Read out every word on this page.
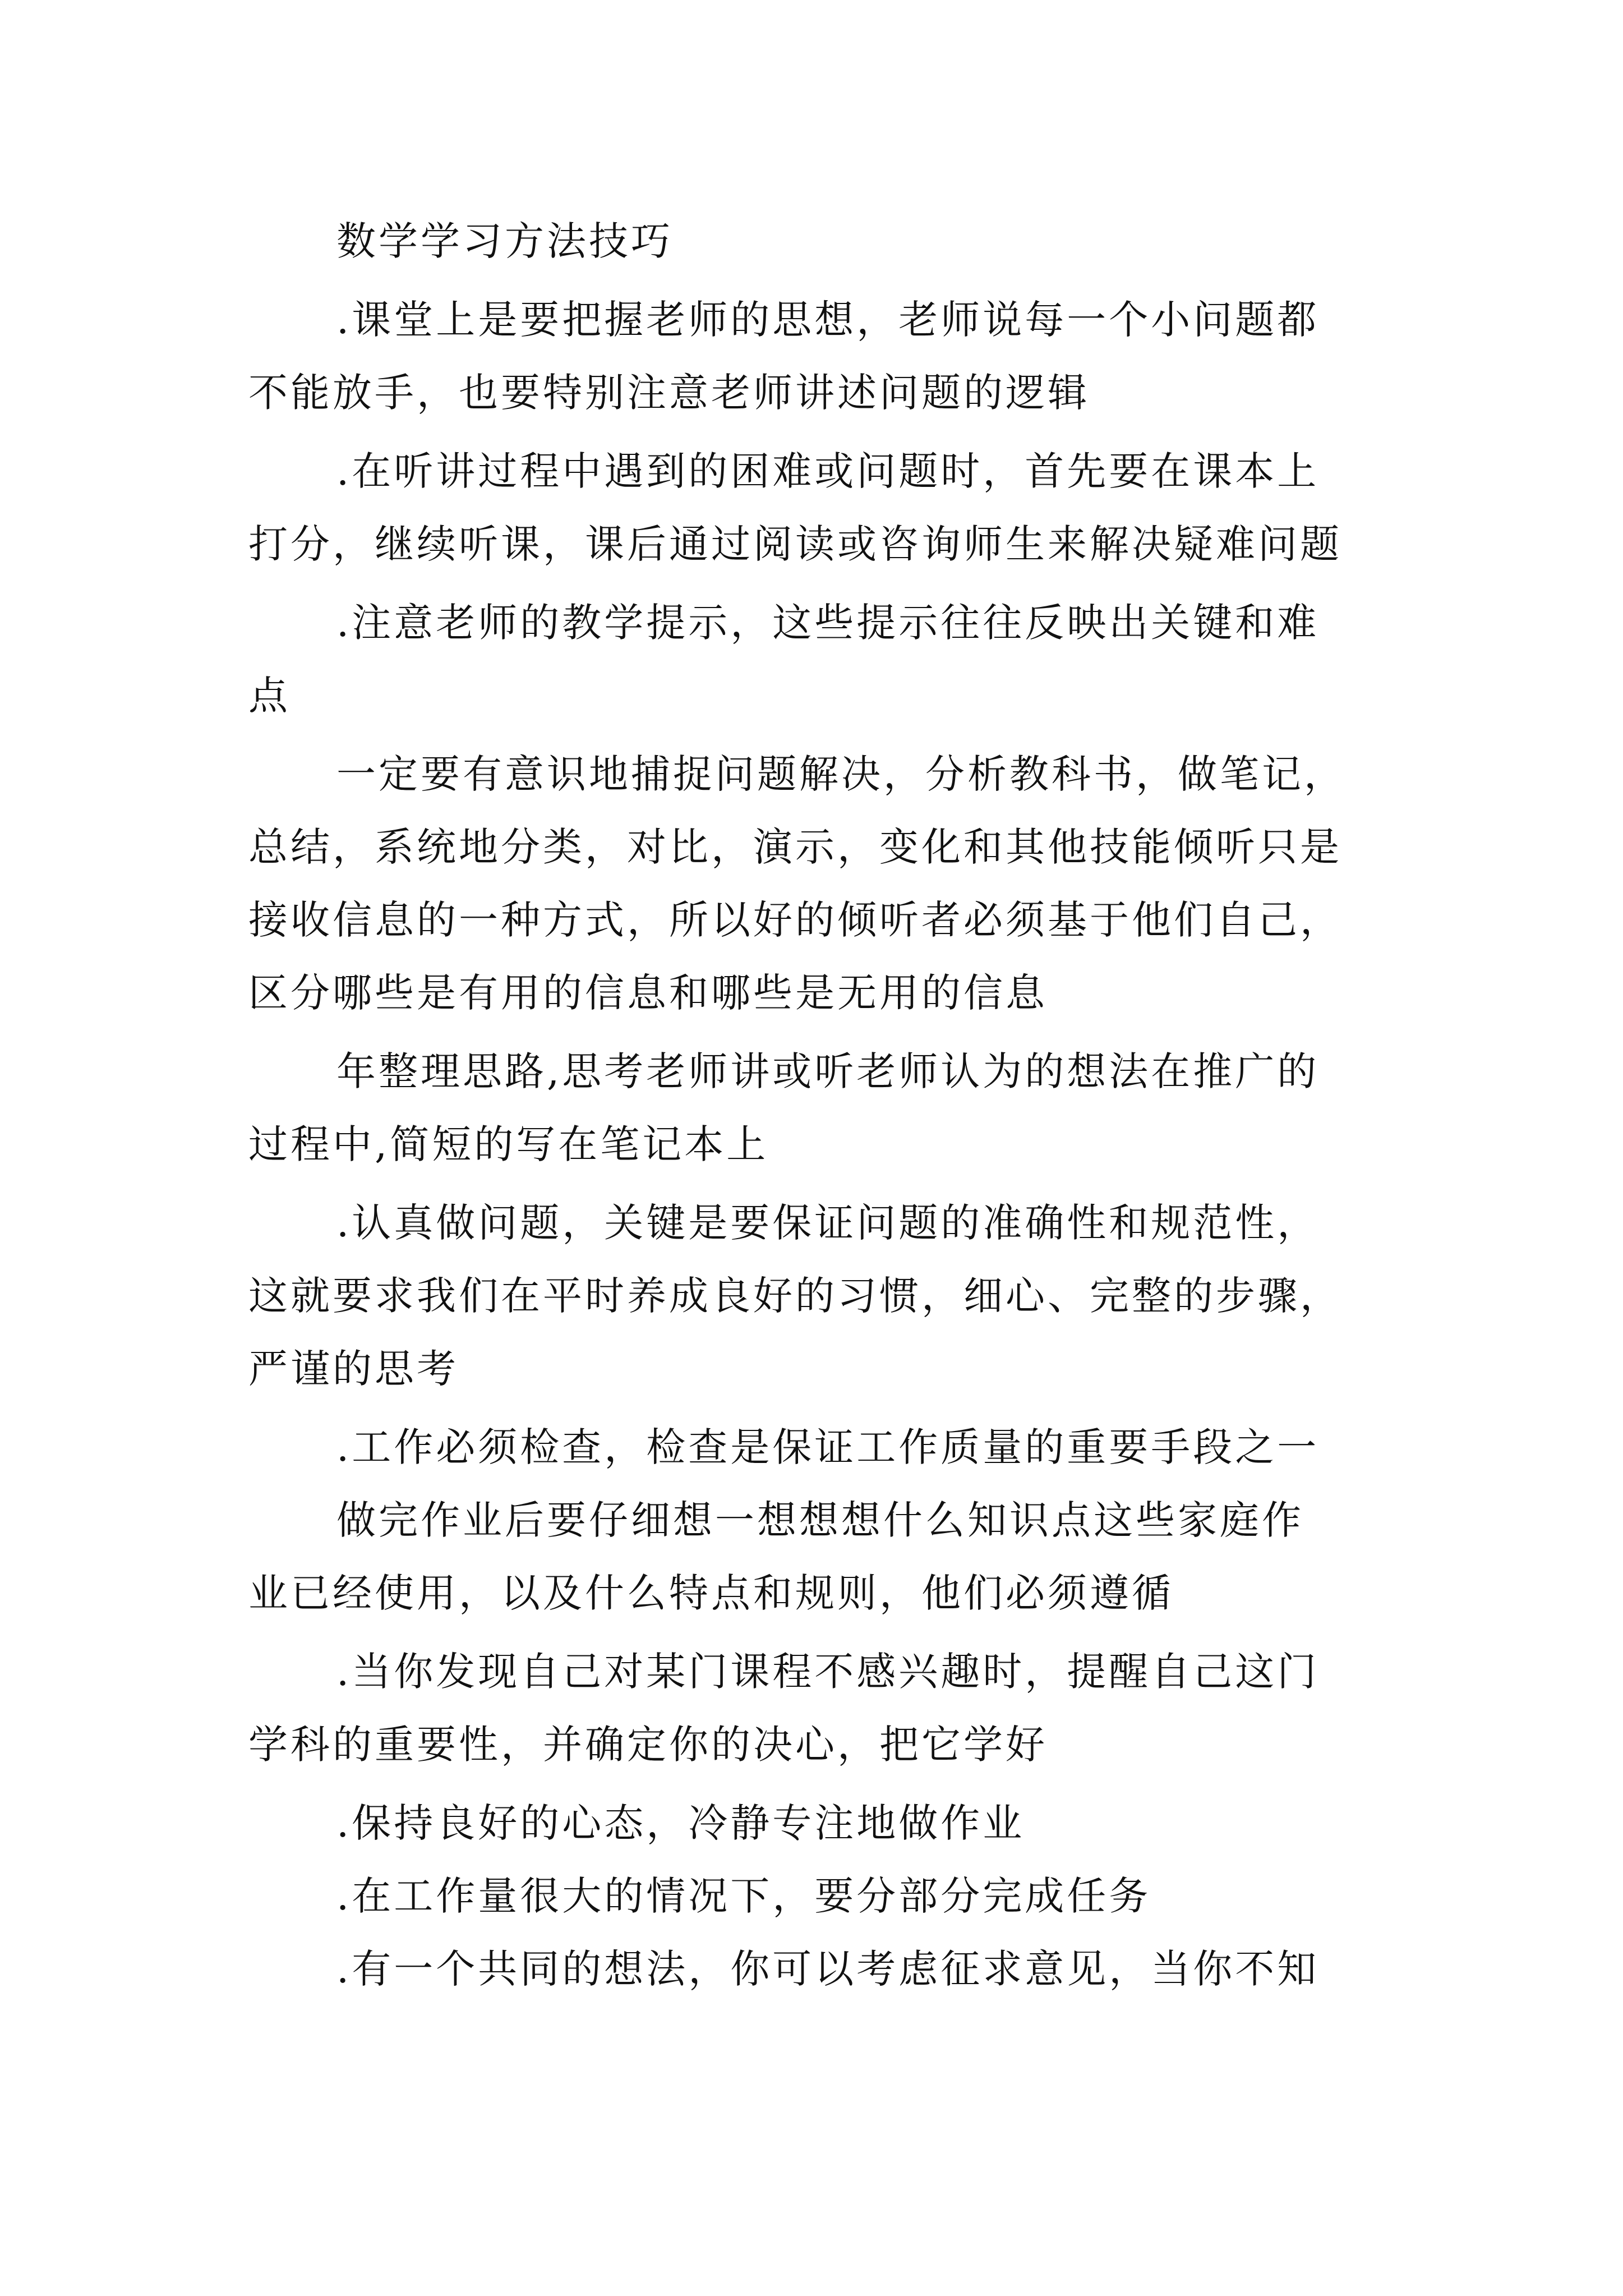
数学学习方法技巧
.课堂上是要把握老师的思想，老师说每一个小问题都
不能放手，也要特别注意老师讲述问题的逻辑
.在听讲过程中遇到的困难或问题时，首先要在课本上
打分，继续听课，课后通过阅读或咨询师生来解决疑难问题
.注意老师的教学提示，这些提示往往反映出关键和难
点
一定要有意识地捕捉问题解决，分析教科书，做笔记，
总结，系统地分类，对比，演示，变化和其他技能倾听只是
接收信息的一种方式，所以好的倾听者必须基于他们自己，
区分哪些是有用的信息和哪些是无用的信息
年整理思路,思考老师讲或听老师认为的想法在推广的
过程中,简短的写在笔记本上
.认真做问题，关键是要保证问题的准确性和规范性，
这就要求我们在平时养成良好的习惯，细心、完整的步骤，
严谨的思考
.工作必须检查，检查是保证工作质量的重要手段之一
做完作业后要仔细想一想想想什么知识点这些家庭作
业已经使用，以及什么特点和规则，他们必须遵循
.当你发现自己对某门课程不感兴趣时，提醒自己这门
学科的重要性，并确定你的决心，把它学好
.保持良好的心态，冷静专注地做作业
.在工作量很大的情况下，要分部分完成任务
.有一个共同的想法，你可以考虑征求意见，当你不知
